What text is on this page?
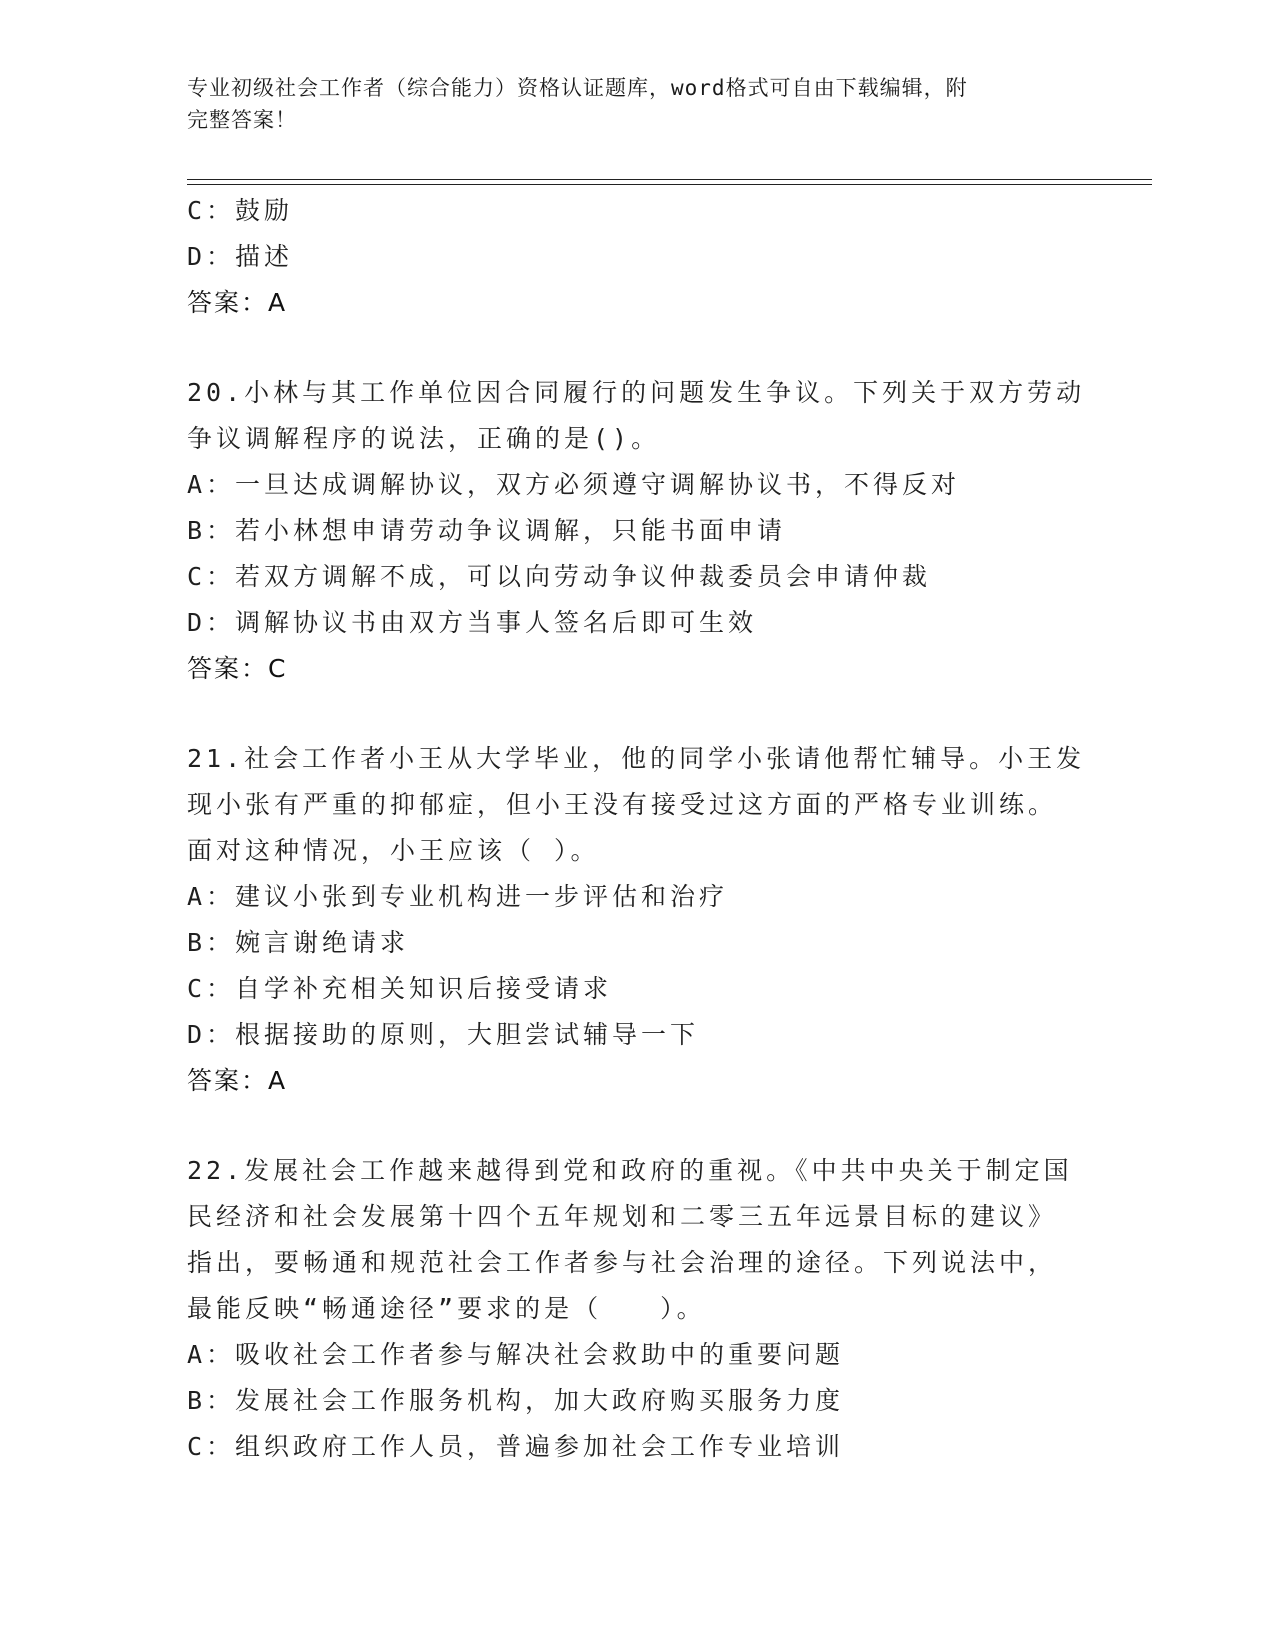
专业初级社会工作者（综合能力）资格认证题库，word格式可自由下载编辑，附
完整答案！
C：鼓励
D：描述
答案：A
20.小林与其工作单位因合同履行的问题发生争议。下列关于双方劳动
争议调解程序的说法，正确的是()。
A：一旦达成调解协议，双方必须遵守调解协议书，不得反对
B：若小林想申请劳动争议调解，只能书面申请
C：若双方调解不成，可以向劳动争议仲裁委员会申请仲裁
D：调解协议书由双方当事人签名后即可生效
答案：C
21.社会工作者小王从大学毕业，他的同学小张请他帮忙辅导。小王发
现小张有严重的抑郁症，但小王没有接受过这方面的严格专业训练。
面对这种情况，小王应该（ ）。
A：建议小张到专业机构进一步评估和治疗
B：婉言谢绝请求
C：自学补充相关知识后接受请求
D：根据接助的原则，大胆尝试辅导一下
答案：A
22.发展社会工作越来越得到党和政府的重视。《中共中央关于制定国
民经济和社会发展第十四个五年规划和二零三五年远景目标的建议》
指出，要畅通和规范社会工作者参与社会治理的途径。下列说法中，
最能反映“畅通途径”要求的是（　　）。
A：吸收社会工作者参与解决社会救助中的重要问题
B：发展社会工作服务机构，加大政府购买服务力度
C：组织政府工作人员，普遍参加社会工作专业培训
